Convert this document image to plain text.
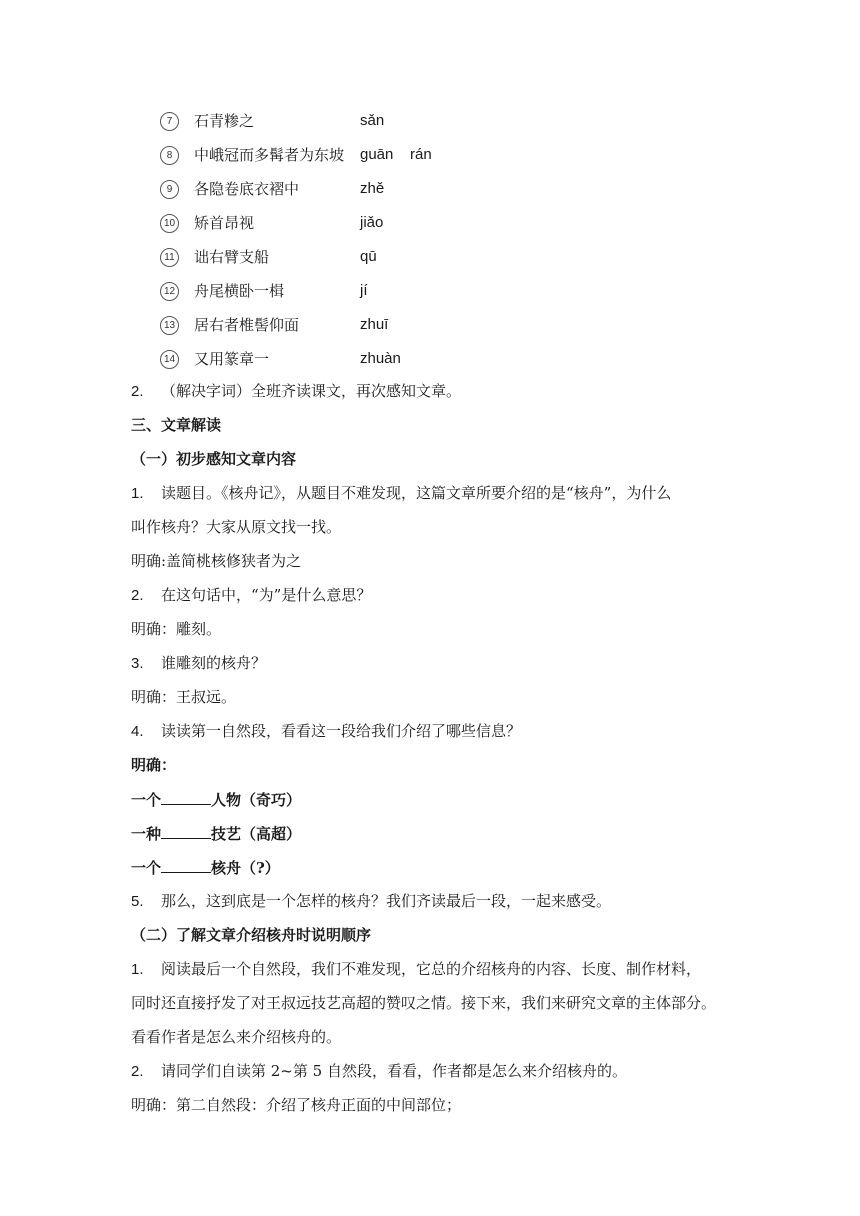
7	石青糁之	sǎn
8	中峨冠而多髯者为东坡 guān    rán
9	各隐卷底衣褶中	zhě
10 矫首昂视	jiǎo
11 诎右臂支船	qū
12 舟尾横卧一楫	jí
13 居右者椎髻仰面	zhuī
14 又用篆章一	zhuàn
2. （解决字词）全班齐读课文，再次感知文章。
三、文章解读
（一）初步感知文章内容
1. 读题目。《核舟记》，从题目不难发现，这篇文章所要介绍的是“核舟”，为什么
叫作核舟？大家从原文找一找。
明确:盖简桃核修狭者为之
2. 在这句话中，“为”是什么意思？
明确：雕刻。
3. 谁雕刻的核舟？
明确：王叔远。
4. 读读第一自然段，看看这一段给我们介绍了哪些信息？
明确：
一个	人物（奇巧）
一种	技艺（高超）
一个	核舟（?）
5. 那么，这到底是一个怎样的核舟？我们齐读最后一段，一起来感受。
（二）了解文章介绍核舟时说明顺序
1. 阅读最后一个自然段，我们不难发现，它总的介绍核舟的内容、长度、制作材料，
同时还直接抒发了对王叔远技艺高超的赞叹之情。接下来，我们来研究文章的主体部分。
看看作者是怎么来介绍核舟的。
2. 请同学们自读第 2~第 5 自然段，看看，作者都是怎么来介绍核舟的。
明确：第二自然段：介绍了核舟正面的中间部位；
